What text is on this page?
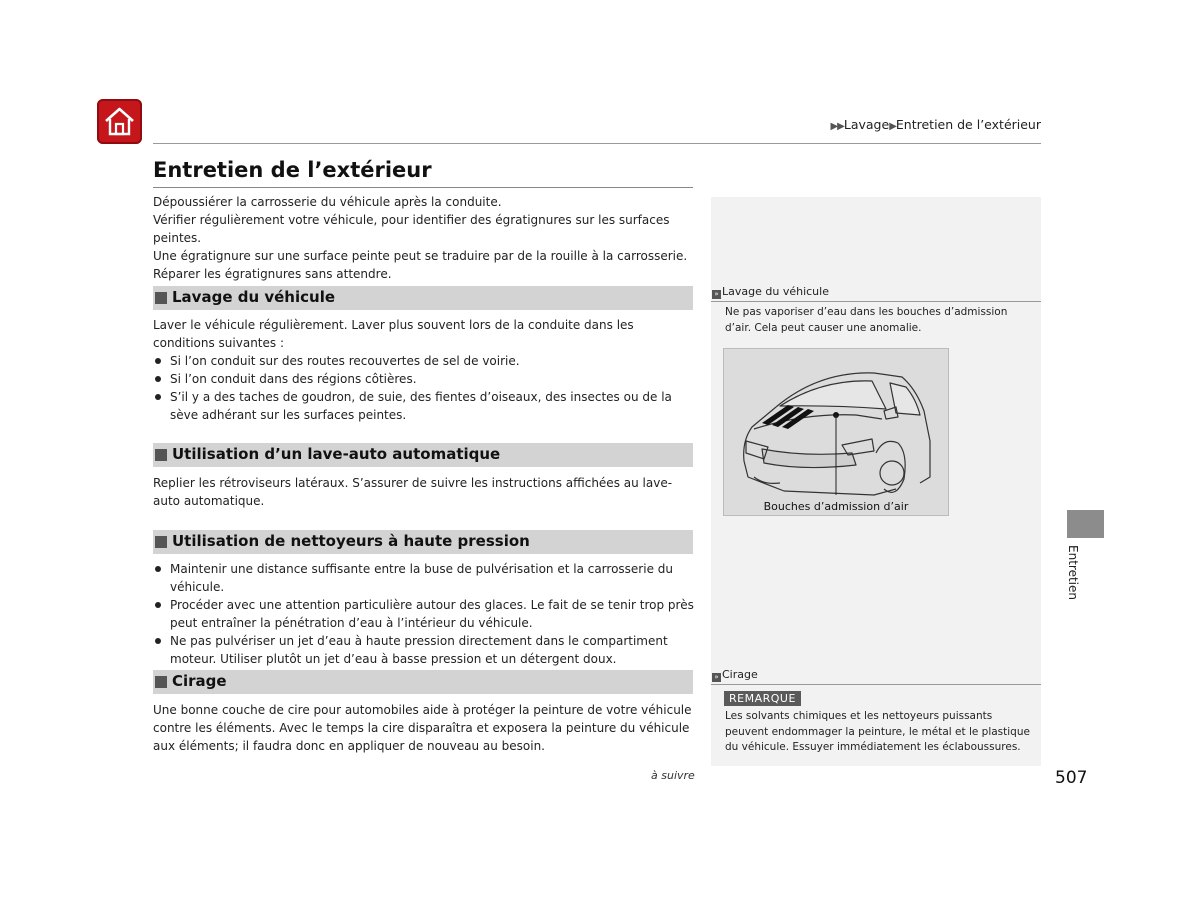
▶▶Lavage▶Entretien de l’extérieur
Entretien de l’extérieur
Dépoussiérer la carrosserie du véhicule après la conduite.
Vérifier régulièrement votre véhicule, pour identifier des égratignures sur les surfaces peintes.
Une égratignure sur une surface peinte peut se traduire par de la rouille à la carrosserie.
Réparer les égratignures sans attendre.
Lavage du véhicule
Laver le véhicule régulièrement. Laver plus souvent lors de la conduite dans les conditions suivantes :
Si l’on conduit sur des routes recouvertes de sel de voirie.
Si l’on conduit dans des régions côtières.
S’il y a des taches de goudron, de suie, des fientes d’oiseaux, des insectes ou de la sève adhérant sur les surfaces peintes.
Utilisation d’un lave-auto automatique
Replier les rétroviseurs latéraux. S’assurer de suivre les instructions affichées au lave-auto automatique.
Utilisation de nettoyeurs à haute pression
Maintenir une distance suffisante entre la buse de pulvérisation et la carrosserie du véhicule.
Procéder avec une attention particulière autour des glaces. Le fait de se tenir trop près peut entraîner la pénétration d’eau à l’intérieur du véhicule.
Ne pas pulvériser un jet d’eau à haute pression directement dans le compartiment moteur. Utiliser plutôt un jet d’eau à basse pression et un détergent doux.
Cirage
Une bonne couche de cire pour automobiles aide à protéger la peinture de votre véhicule contre les éléments. Avec le temps la cire disparaîtra et exposera la peinture du véhicule aux éléments; il faudra donc en appliquer de nouveau au besoin.
à suivre
» Lavage du véhicule
Ne pas vaporiser d’eau dans les bouches d’admission d’air. Cela peut causer une anomalie.
Bouches d’admission d’air
» Cirage
REMARQUE
Les solvants chimiques et les nettoyeurs puissants peuvent endommager la peinture, le métal et le plastique du véhicule. Essuyer immédiatement les éclaboussures.
Entretien
507
